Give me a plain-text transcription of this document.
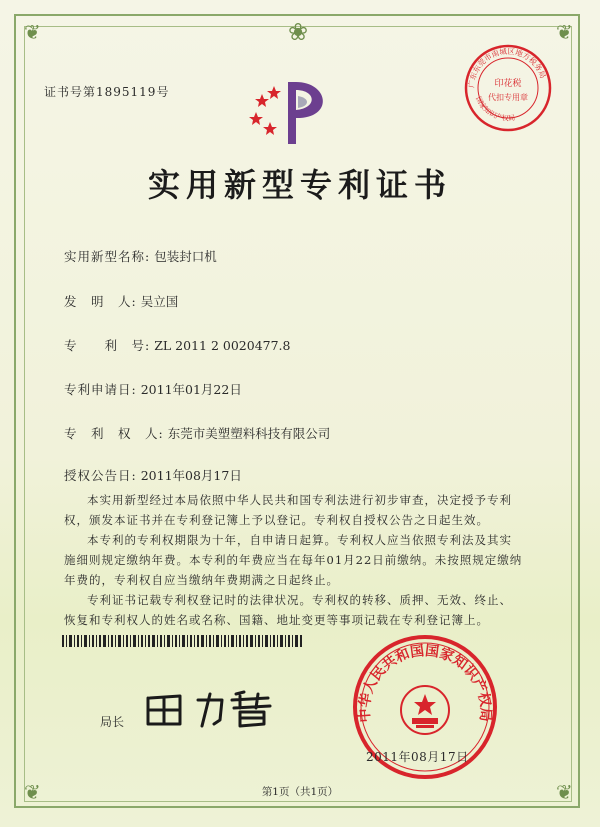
❦	❦
❦	❦
❀
证书号第1895119号
广东东莞市南城区地方税务局
印花税
代扣专用章
国家知识产权局
实用新型专利证书
实用新型名称: 包装封口机
发　明　人: 吴立国
专　　利　号: ZL 2011 2 0020477.8
专利申请日: 2011年01月22日
专　利　权　人: 东莞市美塑塑料科技有限公司
授权公告日: 2011年08月17日
本实用新型经过本局依照中华人民共和国专利法进行初步审查，决定授予专利权，颁发本证书并在专利登记簿上予以登记。专利权自授权公告之日起生效。
本专利的专利权期限为十年，自申请日起算。专利权人应当依照专利法及其实施细则规定缴纳年费。本专利的年费应当在每年01月22日前缴纳。未按照规定缴纳年费的，专利权自应当缴纳年费期满之日起终止。
专利证书记载专利权登记时的法律状况。专利权的转移、质押、无效、终止、恢复和专利权人的姓名或名称、国籍、地址变更等事项记载在专利登记簿上。
局长	中华人民共和国国家知识产权局
2011年08月17日
第1页（共1页）
